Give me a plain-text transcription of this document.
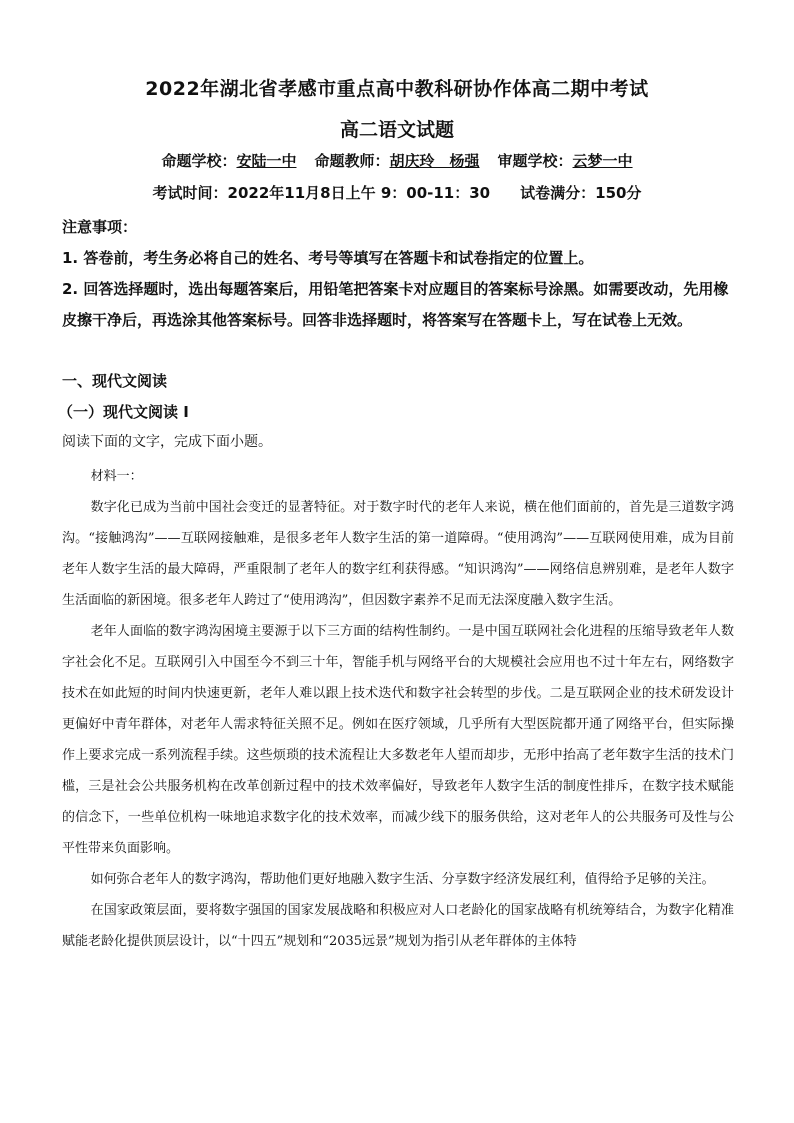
2022年湖北省孝感市重点高中教科研协作体高二期中考试
高二语文试题
命题学校：安陆一中 命题教师：胡庆玲　杨强 审题学校：云梦一中
考试时间：2022年11月8日上午 9：00-11：30 试卷满分：150分
注意事项：
1. 答卷前，考生务必将自己的姓名、考号等填写在答题卡和试卷指定的位置上。
2. 回答选择题时，选出每题答案后，用铅笔把答案卡对应题目的答案标号涂黑。如需要改动，先用橡皮擦干净后，再选涂其他答案标号。回答非选择题时，将答案写在答题卡上，写在试卷上无效。
一、现代文阅读
（一）现代文阅读 I
阅读下面的文字，完成下面小题。

材料一：

数字化已成为当前中国社会变迁的显著特征。对于数字时代的老年人来说，横在他们面前的，首先是三道数字鸿沟。“接触鸿沟”——互联网接触难，是很多老年人数字生活的第一道障碍。“使用鸿沟”——互联网使用难，成为目前老年人数字生活的最大障碍，严重限制了老年人的数字红利获得感。“知识鸿沟”——网络信息辨别难，是老年人数字生活面临的新困境。很多老年人跨过了“使用鸿沟”，但因数字素养不足而无法深度融入数字生活。

老年人面临的数字鸿沟困境主要源于以下三方面的结构性制约。一是中国互联网社会化进程的压缩导致老年人数字社会化不足。互联网引入中国至今不到三十年，智能手机与网络平台的大规模社会应用也不过十年左右，网络数字技术在如此短的时间内快速更新，老年人难以跟上技术迭代和数字社会转型的步伐。二是互联网企业的技术研发设计更偏好中青年群体，对老年人需求特征关照不足。例如在医疗领域，几乎所有大型医院都开通了网络平台，但实际操作上要求完成一系列流程手续。这些烦琐的技术流程让大多数老年人望而却步，无形中抬高了老年数字生活的技术门槛，三是社会公共服务机构在改革创新过程中的技术效率偏好，导致老年人数字生活的制度性排斥，在数字技术赋能的信念下，一些单位机构一味地追求数字化的技术效率，而减少线下的服务供给，这对老年人的公共服务可及性与公平性带来负面影响。

如何弥合老年人的数字鸿沟，帮助他们更好地融入数字生活、分享数字经济发展红利，值得给予足够的关注。

在国家政策层面，要将数字强国的国家发展战略和积极应对人口老龄化的国家战略有机统筹结合，为数字化精准赋能老龄化提供顶层设计，以“十四五”规划和“2035远景”规划为指引从老年群体的主体特
